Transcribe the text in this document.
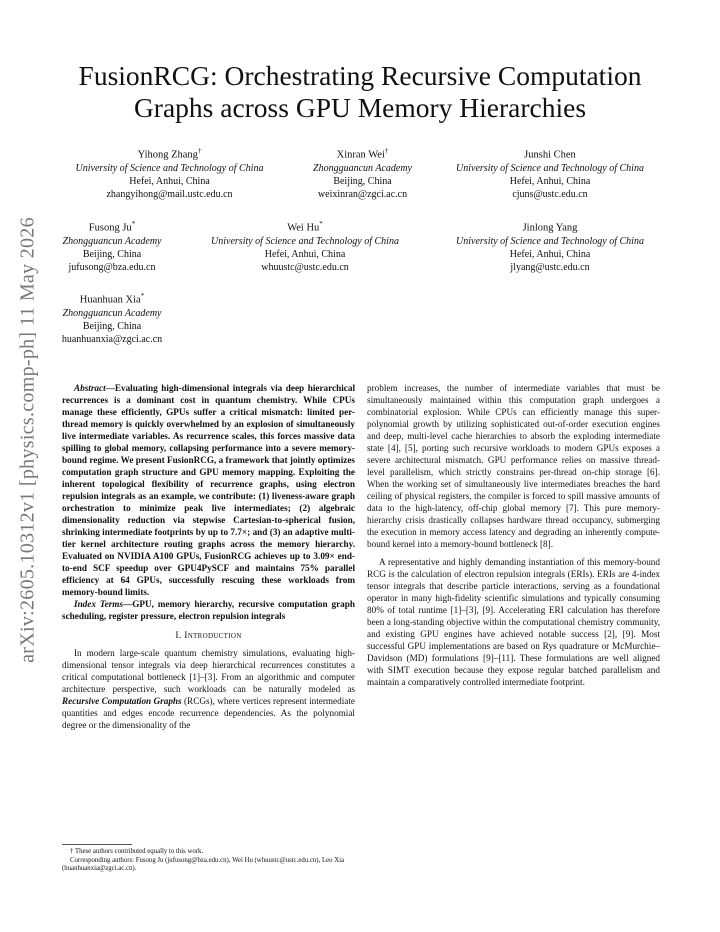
arXiv:2605.10312v1 [physics.comp-ph] 11 May 2026
FusionRCG: Orchestrating Recursive Computation Graphs across GPU Memory Hierarchies
Yihong Zhang†
University of Science and Technology of China
Hefei, Anhui, China
zhangyihong@mail.ustc.edu.cn
Xinran Wei†
Zhongguancun Academy
Beijing, China
weixinran@zgci.ac.cn
Junshi Chen
University of Science and Technology of China
Hefei, Anhui, China
cjuns@ustc.edu.cn
Fusong Ju*
Zhongguancun Academy
Beijing, China
jufusong@bza.edu.cn
Wei Hu*
University of Science and Technology of China
Hefei, Anhui, China
whuustc@ustc.edu.cn
Jinlong Yang
University of Science and Technology of China
Hefei, Anhui, China
jlyang@ustc.edu.cn
Huanhuan Xia*
Zhongguancun Academy
Beijing, China
huanhuanxia@zgci.ac.cn

Abstract—Evaluating high-dimensional integrals via deep hierarchical recurrences is a dominant cost in quantum chemistry. While CPUs manage these efficiently, GPUs suffer a critical mismatch: limited per-thread memory is quickly overwhelmed by an explosion of simultaneously live intermediate variables. As recurrence scales, this forces massive data spilling to global memory, collapsing performance into a severe memory-bound regime. We present FusionRCG, a framework that jointly optimizes computation graph structure and GPU memory mapping. Exploiting the inherent topological flexibility of recurrence graphs, using electron repulsion integrals as an example, we contribute: (1) liveness-aware graph orchestration to minimize peak live intermediates; (2) algebraic dimensionality reduction via stepwise Cartesian-to-spherical fusion, shrinking intermediate footprints by up to 7.7×; and (3) an adaptive multi-tier kernel architecture routing graphs across the memory hierarchy. Evaluated on NVIDIA A100 GPUs, FusionRCG achieves up to 3.09× end-to-end SCF speedup over GPU4PySCF and maintains 75% parallel efficiency at 64 GPUs, successfully rescuing these workloads from memory-bound limits.

Index Terms—GPU, memory hierarchy, recursive computation graph scheduling, register pressure, electron repulsion integrals

I. Introduction

In modern large-scale quantum chemistry simulations, evaluating high-dimensional tensor integrals via deep hierarchical recurrences constitutes a critical computational bottleneck [1]–[3]. From an algorithmic and computer architecture perspective, such workloads can be naturally modeled as Recursive Computation Graphs (RCGs), where vertices represent intermediate quantities and edges encode recurrence dependencies. As the polynomial degree or the dimensionality of the

† These authors contributed equally to this work.

Corresponding authors: Fusong Ju (jufusong@bza.edu.cn), Wei Hu (whuustc@ustc.edu.cn), Leo Xia (huanhuanxia@zgci.ac.cn).

problem increases, the number of intermediate variables that must be simultaneously maintained within this computation graph undergoes a combinatorial explosion. While CPUs can efficiently manage this super-polynomial growth by utilizing sophisticated out-of-order execution engines and deep, multi-level cache hierarchies to absorb the exploding intermediate state [4], [5], porting such recursive workloads to modern GPUs exposes a severe architectural mismatch. GPU performance relies on massive thread-level parallelism, which strictly constrains per-thread on-chip storage [6]. When the working set of simultaneously live intermediates breaches the hard ceiling of physical registers, the compiler is forced to spill massive amounts of data to the high-latency, off-chip global memory [7]. This pure memory-hierarchy crisis drastically collapses hardware thread occupancy, submerging the execution in memory access latency and degrading an inherently compute-bound kernel into a memory-bound bottleneck [8].

A representative and highly demanding instantiation of this memory-bound RCG is the calculation of electron repulsion integrals (ERIs). ERIs are 4-index tensor integrals that describe particle interactions, serving as a foundational operator in many high-fidelity scientific simulations and typically consuming 80% of total runtime [1]–[3], [9]. Accelerating ERI calculation has therefore been a long-standing objective within the computational chemistry community, and existing GPU engines have achieved notable success [2], [9]. Most successful GPU implementations are based on Rys quadrature or McMurchie–Davidson (MD) formulations [9]–[11]. These formulations are well aligned with SIMT execution because they expose regular batched parallelism and maintain a comparatively controlled intermediate footprint.
